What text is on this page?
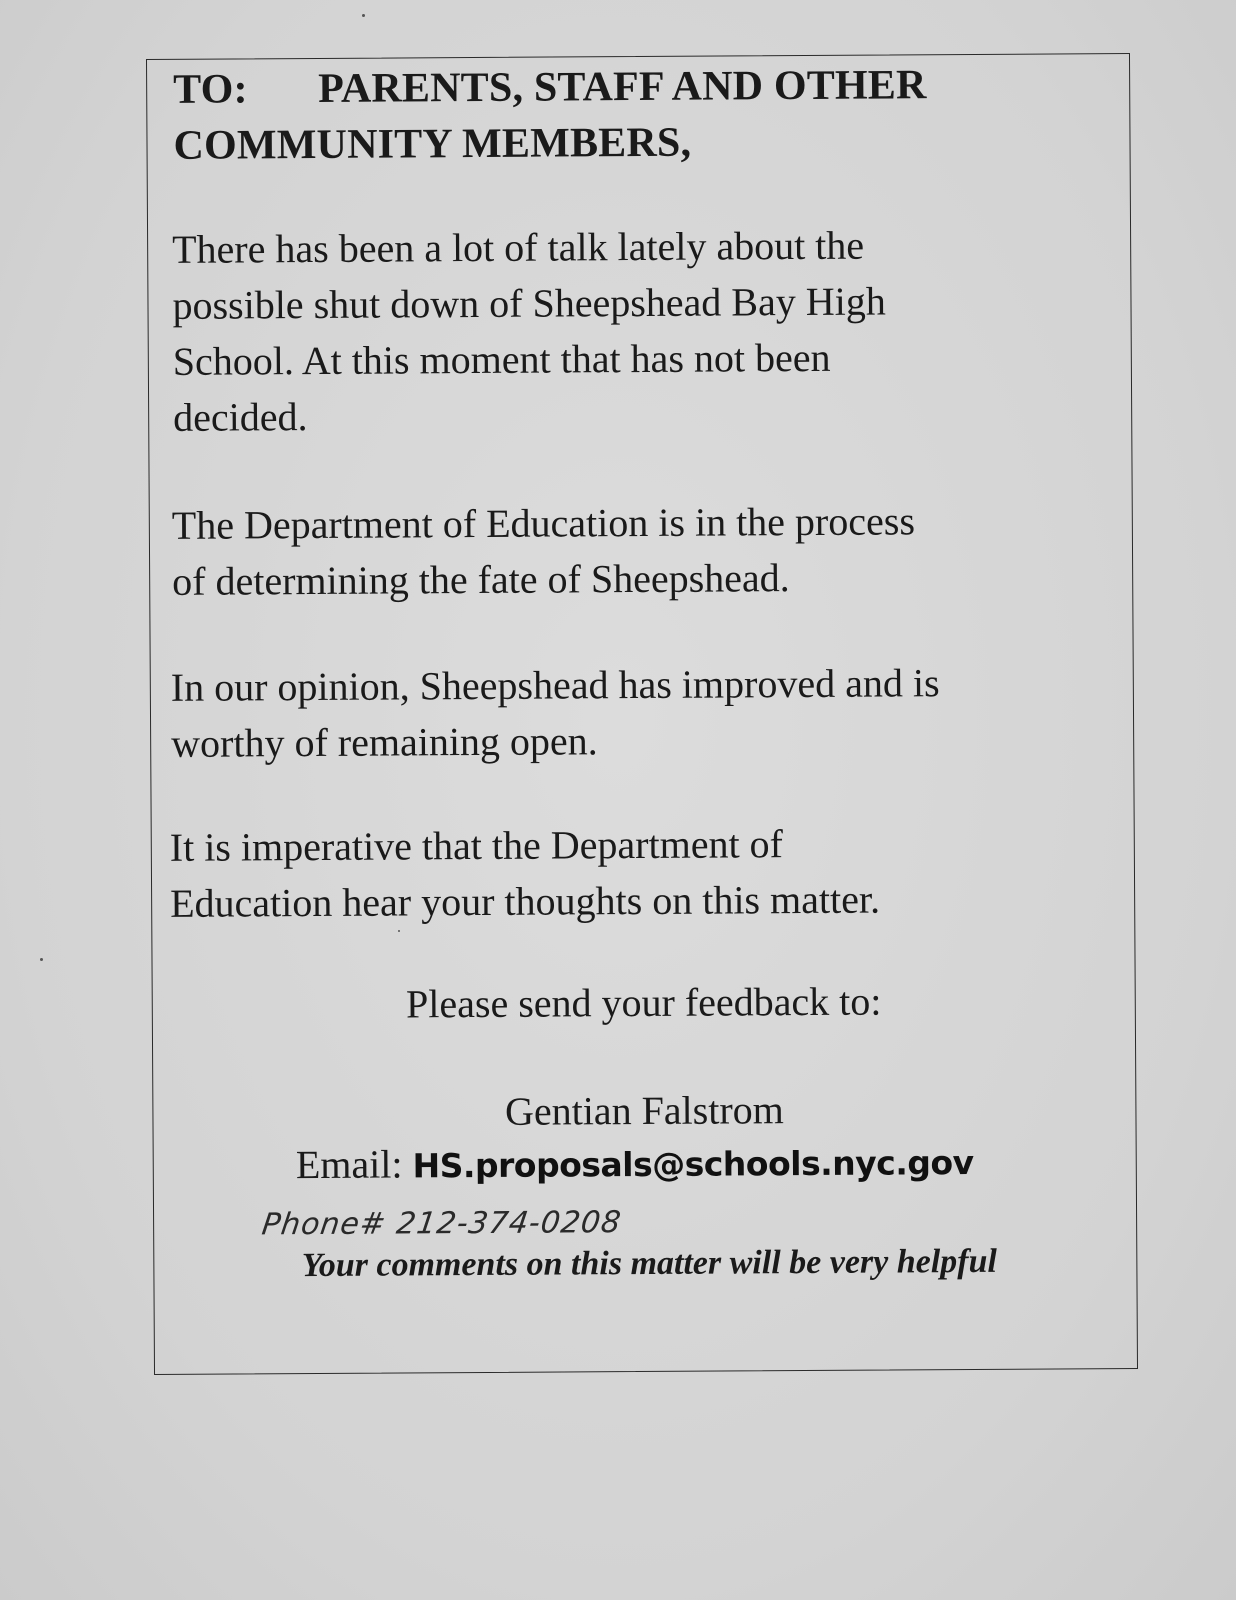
TO: PARENTS, STAFF AND OTHER

COMMUNITY MEMBERS,

There has been a lot of talk lately about the

possible shut down of Sheepshead Bay High

School. At this moment that has not been

decided.

The Department of Education is in the process

of determining the fate of Sheepshead.

In our opinion, Sheepshead has improved and is

worthy of remaining open.

It is imperative that the Department of

Education hear your thoughts on this matter.

Please send your feedback to:

Gentian Falstrom

Email: HS.proposals@schools.nyc.gov

Phone# 212-374-0208

Your comments on this matter will be very helpful
